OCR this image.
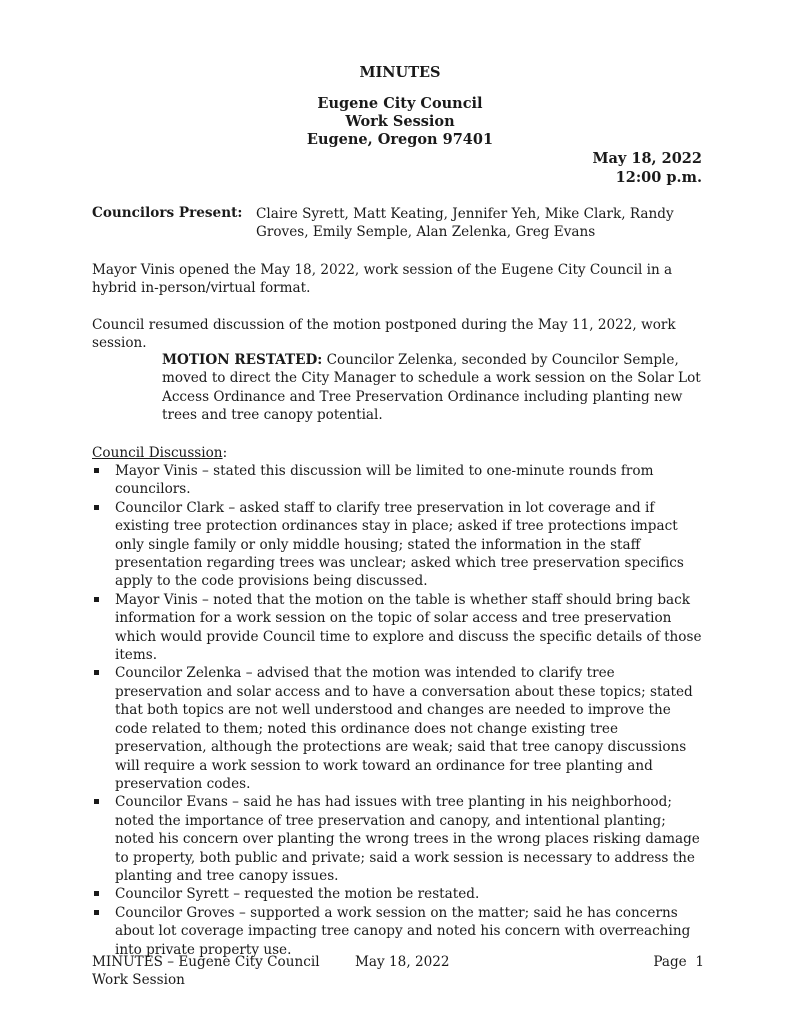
MINUTES
Eugene City Council
Work Session
Eugene, Oregon 97401
May 18, 2022
12:00 p.m.
Councilors Present: Claire Syrett, Matt Keating, Jennifer Yeh, Mike Clark, Randy Groves, Emily Semple, Alan Zelenka, Greg Evans
Mayor Vinis opened the May 18, 2022, work session of the Eugene City Council in a hybrid in-person/virtual format.
Council resumed discussion of the motion postponed during the May 11, 2022, work session.
MOTION RESTATED: Councilor Zelenka, seconded by Councilor Semple, moved to direct the City Manager to schedule a work session on the Solar Lot Access Ordinance and Tree Preservation Ordinance including planting new trees and tree canopy potential.
Council Discussion:
Mayor Vinis – stated this discussion will be limited to one-minute rounds from councilors.
Councilor Clark – asked staff to clarify tree preservation in lot coverage and if existing tree protection ordinances stay in place; asked if tree protections impact only single family or only middle housing; stated the information in the staff presentation regarding trees was unclear; asked which tree preservation specifics apply to the code provisions being discussed.
Mayor Vinis – noted that the motion on the table is whether staff should bring back information for a work session on the topic of solar access and tree preservation which would provide Council time to explore and discuss the specific details of those items.
Councilor Zelenka – advised that the motion was intended to clarify tree preservation and solar access and to have a conversation about these topics; stated that both topics are not well understood and changes are needed to improve the code related to them; noted this ordinance does not change existing tree preservation, although the protections are weak; said that tree canopy discussions will require a work session to work toward an ordinance for tree planting and preservation codes.
Councilor Evans – said he has had issues with tree planting in his neighborhood; noted the importance of tree preservation and canopy, and intentional planting; noted his concern over planting the wrong trees in the wrong places risking damage to property, both public and private; said a work session is necessary to address the planting and tree canopy issues.
Councilor Syrett – requested the motion be restated.
Councilor Groves – supported a work session on the matter; said he has concerns about lot coverage impacting tree canopy and noted his concern with overreaching into private property use.
MINUTES – Eugene City Council
Work Session
May 18, 2022	Page  1
